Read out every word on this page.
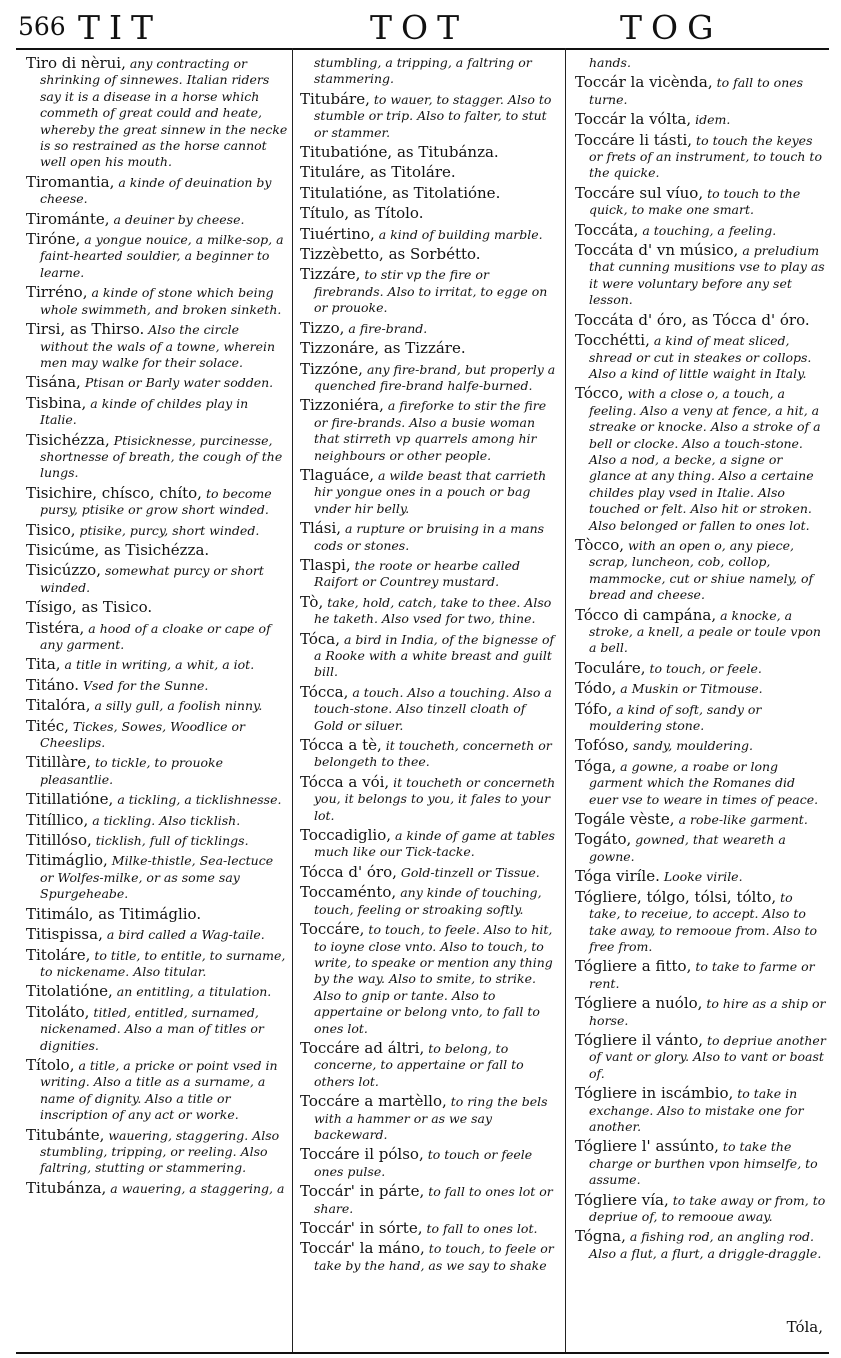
566 TIT	TOT	TOG
Tiro di nèrui, any contracting or shrinking of sinnewes. Italian riders say it is a disease in a horse which commeth of great could and heate, whereby the great sinnew in the necke is so restrained as the horse cannot well open his mouth.
Tiromantia, a kinde of deuination by cheese.
Tirománte, a deuiner by cheese.
Tiróne, a yongue nouice, a milke-sop, a faint-hearted souldier, a beginner to learne.
Tirréno, a kinde of stone which being whole swimmeth, and broken sinketh.
Tirsi, as Thirso. Also the circle without the wals of a towne, wherein men may walke for their solace.
Tisána, Ptisan or Barly water sodden.
Tisbina, a kinde of childes play in Italie.
Tisichézza, Ptisicknesse, purcinesse, shortnesse of breath, the cough of the lungs.
Tisichire, chísco, chíto, to become pursy, ptisike or grow short winded.
Tisico, ptisike, purcy, short winded.
Tisicúme, as Tisichézza.
Tisicúzzo, somewhat purcy or short winded.
Tísigo, as Tisico.
Tistéra, a hood of a cloake or cape of any garment.
Tita, a title in writing, a whit, a iot.
Titáno. Vsed for the Sunne.
Titalóra, a silly gull, a foolish ninny.
Titéc, Tickes, Sowes, Woodlice or Cheeslips.
Titillàre, to tickle, to prouoke pleasantlie.
Titillatióne, a tickling, a ticklishnesse.
Titíllico, a tickling. Also ticklish.
Titillóso, ticklish, full of ticklings.
Titimáglio, Milke-thistle, Sea-lectuce or Wolfes-milke, or as some say Spurgeheabe.
Titimálo, as Titimáglio.
Titispissa, a bird called a Wag-taile.
Titoláre, to title, to entitle, to surname, to nickename. Also titular.
Titolatióne, an entitling, a titulation.
Titoláto, titled, entitled, surnamed, nickenamed. Also a man of titles or dignities.
Títolo, a title, a pricke or point vsed in writing. Also a title as a surname, a name of dignity. Also a title or inscription of any act or worke.
Titubánte, wauering, staggering. Also stumbling, tripping, or reeling. Also faltring, stutting or stammering.
Titubánza, a wauering, a staggering, a
stumbling, a tripping, a faltring or stammering.
Titubáre, to wauer, to stagger. Also to stumble or trip. Also to falter, to stut or stammer.
Titubatióne, as Titubánza.
Tituláre, as Titoláre.
Titulatióne, as Titolatióne.
Título, as Títolo.
Tiuértino, a kind of building marble.
Tizzèbetto, as Sorbétto.
Tizzáre, to stir vp the fire or firebrands. Also to irritat, to egge on or prouoke.
Tizzo, a fire-brand.
Tizzonáre, as Tizzáre.
Tizzóne, any fire-brand, but properly a quenched fire-brand halfe-burned.
Tizzoniéra, a fireforke to stir the fire or fire-brands. Also a busie woman that stirreth vp quarrels among hir neighbours or other people.
Tlaguáce, a wilde beast that carrieth hir yongue ones in a pouch or bag vnder hir belly.
Tlási, a rupture or bruising in a mans cods or stones.
Tlaspi, the roote or hearbe called Raifort or Countrey mustard.
Tò, take, hold, catch, take to thee. Also he taketh. Also vsed for two, thine.
Tóca, a bird in India, of the bignesse of a Rooke with a white breast and guilt bill.
Tócca, a touch. Also a touching. Also a touch-stone. Also tinzell cloath of Gold or siluer.
Tócca a tè, it toucheth, concerneth or belongeth to thee.
Tócca a vói, it toucheth or concerneth you, it belongs to you, it fales to your lot.
Toccadiglio, a kinde of game at tables much like our Tick-tacke.
Tócca d' óro, Gold-tinzell or Tissue.
Toccaménto, any kinde of touching, touch, feeling or stroaking softly.
Toccáre, to touch, to feele. Also to hit, to ioyne close vnto. Also to touch, to write, to speake or mention any thing by the way. Also to smite, to strike. Also to gnip or tante. Also to appertaine or belong vnto, to fall to ones lot.
Toccáre ad áltri, to belong, to concerne, to appertaine or fall to others lot.
Toccáre a martèllo, to ring the bels with a hammer or as we say backeward.
Toccáre il pólso, to touch or feele ones pulse.
Toccár' in párte, to fall to ones lot or share.
Toccár' in sórte, to fall to ones lot.
Toccár' la máno, to touch, to feele or take by the hand, as we say to shake
hands.
Toccár la vicènda, to fall to ones turne.
Toccár la vólta, idem.
Toccáre li tásti, to touch the keyes or frets of an instrument, to touch to the quicke.
Toccáre sul víuo, to touch to the quick, to make one smart.
Toccáta, a touching, a feeling.
Toccáta d' vn músico, a preludium that cunning musitions vse to play as it were voluntary before any set lesson.
Toccáta d' óro, as Tócca d' óro.
Tocchétti, a kind of meat sliced, shread or cut in steakes or collops. Also a kind of little waight in Italy.
Tócco, with a close o, a touch, a feeling. Also a veny at fence, a hit, a streake or knocke. Also a stroke of a bell or clocke. Also a touch-stone. Also a nod, a becke, a signe or glance at any thing. Also a certaine childes play vsed in Italie. Also touched or felt. Also hit or stroken. Also belonged or fallen to ones lot.
Tòcco, with an open o, any piece, scrap, luncheon, cob, collop, mammocke, cut or shiue namely, of bread and cheese.
Tócco di campána, a knocke, a stroke, a knell, a peale or toule vpon a bell.
Toculáre, to touch, or feele.
Tódo, a Muskin or Titmouse.
Tófo, a kind of soft, sandy or mouldering stone.
Tofóso, sandy, mouldering.
Tóga, a gowne, a roabe or long garment which the Romanes did euer vse to weare in times of peace.
Togále vèste, a robe-like garment.
Togáto, gowned, that weareth a gowne.
Tóga viríle. Looke virile.
Tógliere, tólgo, tólsi, tólto, to take, to receiue, to accept. Also to take away, to remooue from. Also to free from.
Tógliere a fitto, to take to farme or rent.
Tógliere a nuólo, to hire as a ship or horse.
Tógliere il vánto, to depriue another of vant or glory. Also to vant or boast of.
Tógliere in iscámbio, to take in exchange. Also to mistake one for another.
Tógliere l' assúnto, to take the charge or burthen vpon himselfe, to assume.
Tógliere vía, to take away or from, to depriue of, to remooue away.
Tógna, a fishing rod, an angling rod. Also a flut, a flurt, a driggle-draggle.
Tóla,
